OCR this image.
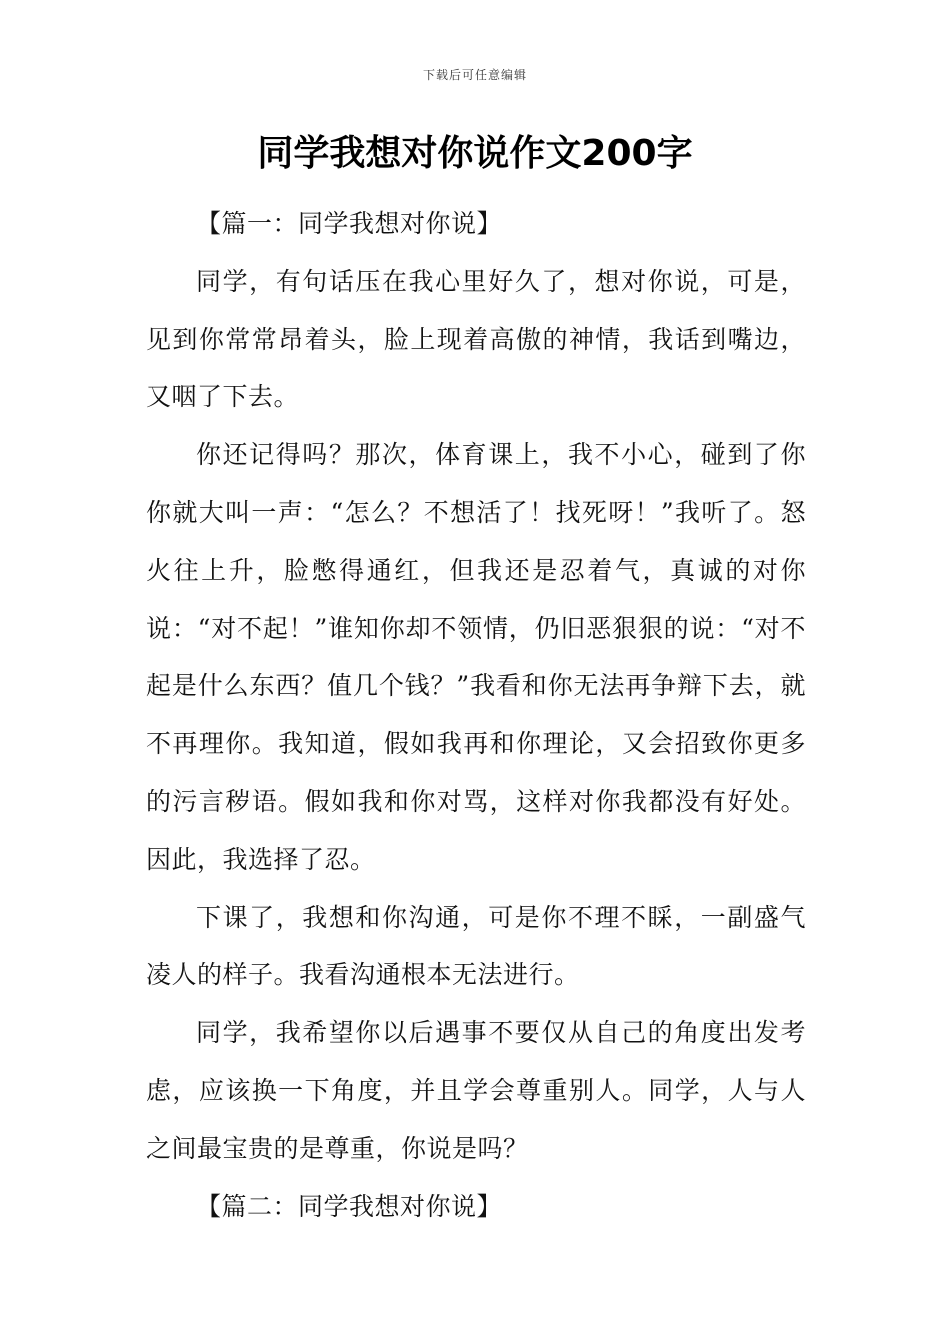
下载后可任意编辑
同学我想对你说作文200字

【篇一：同学我想对你说】

同学，有句话压在我心里好久了，想对你说，可是，见到你常常昂着头，脸上现着高傲的神情，我话到嘴边，又咽了下去。

你还记得吗？那次，体育课上，我不小心，碰到了你你就大叫一声：“怎么？不想活了！找死呀！”我听了。怒火往上升，脸憋得通红，但我还是忍着气，真诚的对你说：“对不起！”谁知你却不领情，仍旧恶狠狠的说：“对不起是什么东西？值几个钱？”我看和你无法再争辩下去，就不再理你。我知道，假如我再和你理论，又会招致你更多的污言秽语。假如我和你对骂，这样对你我都没有好处。因此，我选择了忍。

下课了，我想和你沟通，可是你不理不睬，一副盛气凌人的样子。我看沟通根本无法进行。

同学，我希望你以后遇事不要仅从自己的角度出发考虑，应该换一下角度，并且学会尊重别人。同学，人与人之间最宝贵的是尊重，你说是吗？

【篇二：同学我想对你说】
